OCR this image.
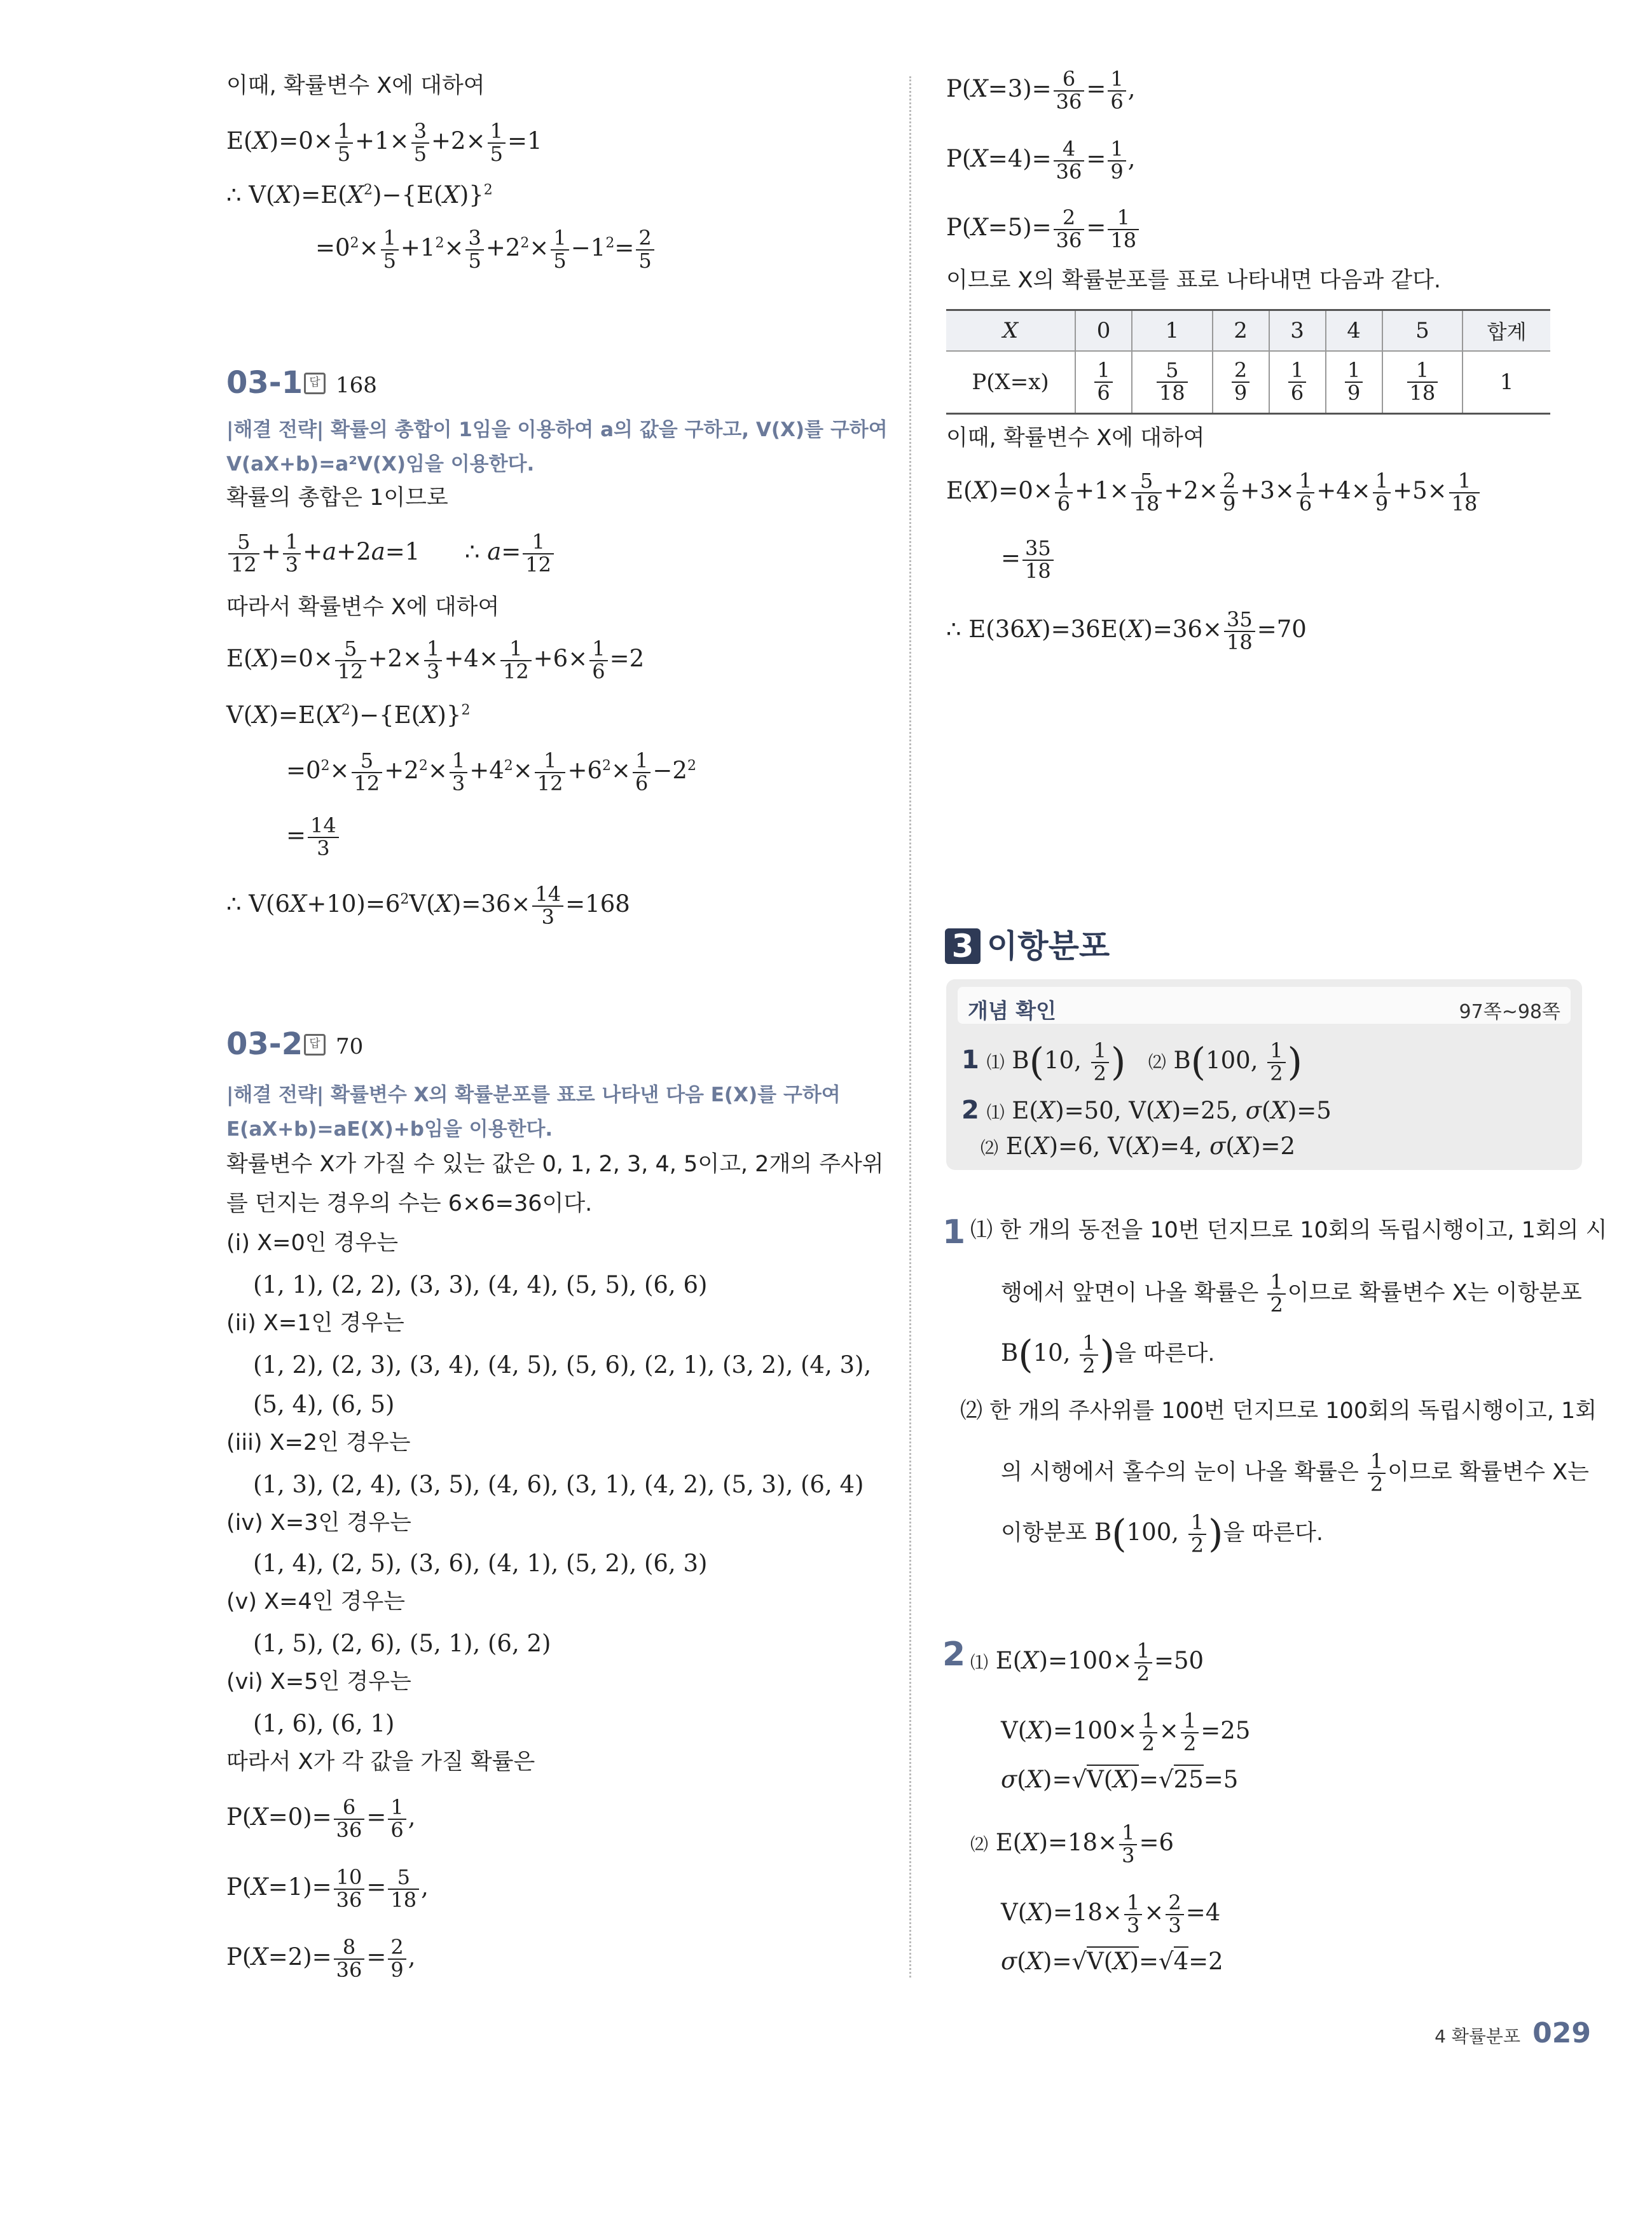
이때, 확률변수 X에 대하여
$E(X)=0\times \frac{1}{5} +1\times \frac{3}{5} +2\times \frac{1}{5} =1$
∴ $V(X)=E(X^2)-\{E(X)\}^2$
$=0^2\times \frac{1}{5} +1^2\times \frac{3}{5} +2^2\times \frac{1}{5} -1^2= \frac{2}{5}$
03-1 답 168
|해결 전략| 확률의 총합이 1임을 이용하여 a의 값을 구하고, V(X)를 구하여
V(aX+b)=a²V(X)임을 이용한다.
확률의 총합은 1이므로
$\frac{5}{12} + \frac{1}{3} +a+2a=1$      ∴ $a= \frac{1}{12}$
따라서 확률변수 X에 대하여
$E(X)=0\times \frac{5}{12} +2\times \frac{1}{3} +4\times \frac{1}{12} +6\times \frac{1}{6} =2$
$V(X)=E(X^2)-\{E(X)\}^2$
$=0^2\times \frac{5}{12} +2^2\times \frac{1}{3} +4^2\times \frac{1}{12} +6^2\times \frac{1}{6} -2^2$
= $\frac{14}{3}$
∴ $V(6X+10)=6^2V(X)=36\times \frac{14}{3} =168$
03-2 답 70
|해결 전략| 확률변수 X의 확률분포를 표로 나타낸 다음 E(X)를 구하여
E(aX+b)=aE(X)+b임을 이용한다.
확률변수 X가 가질 수 있는 값은 0, 1, 2, 3, 4, 5이고, 2개의 주사위
를 던지는 경우의 수는 6×6=36이다.
(i) X=0인 경우는
(1, 1), (2, 2), (3, 3), (4, 4), (5, 5), (6, 6)
(ii) X=1인 경우는
(1, 2), (2, 3), (3, 4), (4, 5), (5, 6), (2, 1), (3, 2), (4, 3),
(5, 4), (6, 5)
(iii) X=2인 경우는
(1, 3), (2, 4), (3, 5), (4, 6), (3, 1), (4, 2), (5, 3), (6, 4)
(iv) X=3인 경우는
(1, 4), (2, 5), (3, 6), (4, 1), (5, 2), (6, 3)
(v) X=4인 경우는
(1, 5), (2, 6), (5, 1), (6, 2)
(vi) X=5인 경우는
(1, 6), (6, 1)
따라서 X가 각 값을 가질 확률은
$P(X=0)= \frac{6}{36} = \frac{1}{6}$ ,
$P(X=1)= \frac{10}{36} = \frac{5}{18}$ ,
$P(X=2)= \frac{8}{36} = \frac{2}{9}$ ,
$P(X=3)= \frac{6}{36} = \frac{1}{6}$ ,
$P(X=4)= \frac{4}{36} = \frac{1}{9}$ ,
$P(X=5)= \frac{2}{36} = \frac{1}{18}$
이므로 X의 확률분포를 표로 나타내면 다음과 같다.
X	0	1	2	3	4	5	합계
P(X=x)	$\frac{1}{6}$	$\frac{5}{18}$	$\frac{2}{9}$	$\frac{1}{6}$	$\frac{1}{9}$	$\frac{1}{18}$	1
이때, 확률변수 X에 대하여
$E(X)=0\times \frac{1}{6} +1\times \frac{5}{18} +2\times \frac{2}{9} +3\times \frac{1}{6} +4\times \frac{1}{9} +5\times \frac{1}{18}$
= $\frac{35}{18}$
∴ $E(36X)=36E(X)=36\times \frac{35}{18} =70$
3 이항분포
개념 확인	97쪽~98쪽
1 ⑴ B(10, $\frac{1}{2}$ ) ⑵ B(100, $\frac{1}{2}$ )
2 ⑴ E(X)=50, V(X)=25, σ(X)=5
⑵ E(X)=6, V(X)=4, σ(X)=2
1 ⑴ 한 개의 동전을 10번 던지므로 10회의 독립시행이고, 1회의 시
행에서 앞면이 나올 확률은 $\frac{1}{2}$ 이므로 확률변수 X는 이항분포
B(10, $\frac{1}{2}$ )을 따른다.
⑵ 한 개의 주사위를 100번 던지므로 100회의 독립시행이고, 1회
의 시행에서 홀수의 눈이 나올 확률은 $\frac{1}{2}$ 이므로 확률변수 X는
이항분포 B(100, $\frac{1}{2}$ )을 따른다.
2 ⑴ $E(X)=100\times \frac{1}{2} =50$
$V(X)=100\times \frac{1}{2} \times \frac{1}{2} =25$
σ(X)=√V(X)=√25=5
⑵ $E(X)=18\times \frac{1}{3} =6$
$V(X)=18\times \frac{1}{3} \times \frac{2}{3} =4$
σ(X)=√V(X)=√4=2
4 확률분포 029
